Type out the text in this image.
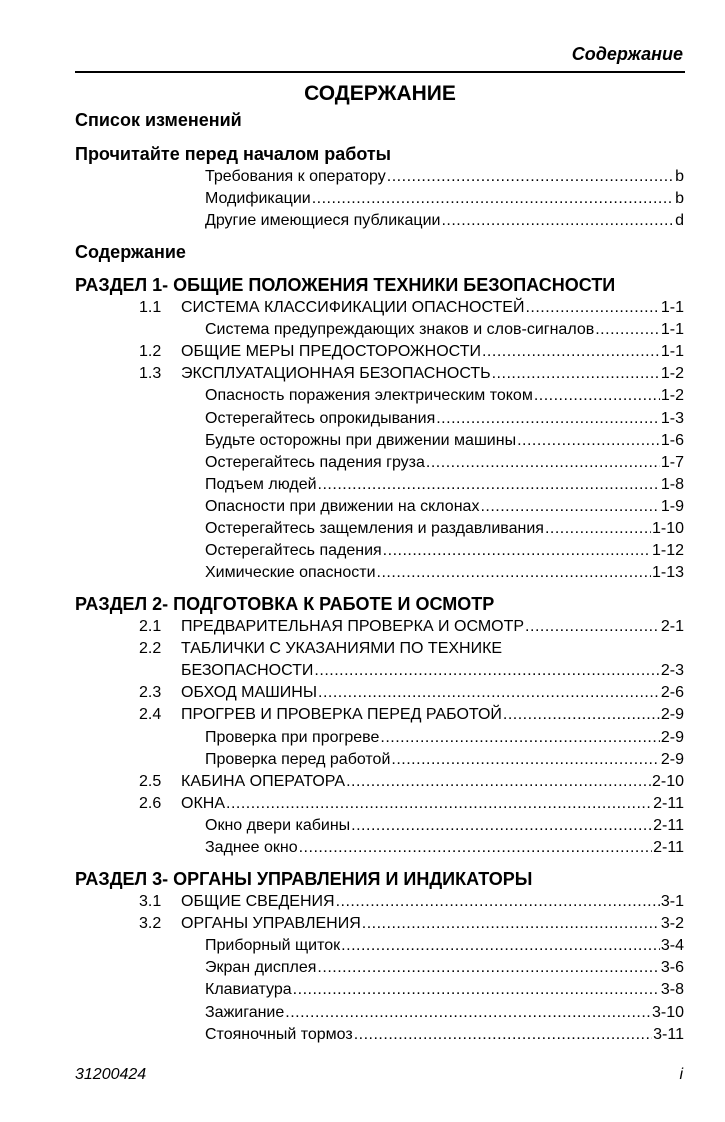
Содержание
СОДЕРЖАНИЕ
Список изменений
Прочитайте перед началом работы
Требования к оператору .....	b
Модификации .....	b
Другие имеющиеся публикации .....	d
Содержание
РАЗДЕЛ 1- ОБЩИЕ ПОЛОЖЕНИЯ ТЕХНИКИ БЕЗОПАСНОСТИ
1.1	СИСТЕМА КЛАССИФИКАЦИИ ОПАСНОСТЕЙ .....	1-1
Система предупреждающих знаков и слов-сигналов .....	1-1
1.2	ОБЩИЕ МЕРЫ ПРЕДОСТОРОЖНОСТИ .....	1-1
1.3	ЭКСПЛУАТАЦИОННАЯ БЕЗОПАСНОСТЬ .....	1-2
Опасность поражения электрическим током .....	1-2
Остерегайтесь опрокидывания .....	1-3
Будьте осторожны при движении машины .....	1-6
Остерегайтесь падения груза .....	1-7
Подъем людей .....	1-8
Опасности при движении на склонах .....	1-9
Остерегайтесь защемления и раздавливания .....	1-10
Остерегайтесь падения .....	1-12
Химические опасности .....	1-13
РАЗДЕЛ 2- ПОДГОТОВКА К РАБОТЕ И ОСМОТР
2.1	ПРЕДВАРИТЕЛЬНАЯ ПРОВЕРКА И ОСМОТР .....	2-1
2.2	ТАБЛИЧКИ С УКАЗАНИЯМИ ПО ТЕХНИКЕ
БЕЗОПАСНОСТИ .....	2-3
2.3	ОБХОД МАШИНЫ .....	2-6
2.4	ПРОГРЕВ И ПРОВЕРКА ПЕРЕД РАБОТОЙ .....	2-9
Проверка при прогреве .....	2-9
Проверка перед работой .....	2-9
2.5	КАБИНА ОПЕРАТОРА .....	2-10
2.6	ОКНА .....	2-11
Окно двери кабины .....	2-11
Заднее окно .....	2-11
РАЗДЕЛ 3- ОРГАНЫ УПРАВЛЕНИЯ И ИНДИКАТОРЫ
3.1	ОБЩИЕ СВЕДЕНИЯ .....	3-1
3.2	ОРГАНЫ УПРАВЛЕНИЯ .....	3-2
Приборный щиток .....	3-4
Экран дисплея .....	3-6
Клавиатура .....	3-8
Зажигание .....	3-10
Стояночный тормоз .....	3-11
31200424	i
